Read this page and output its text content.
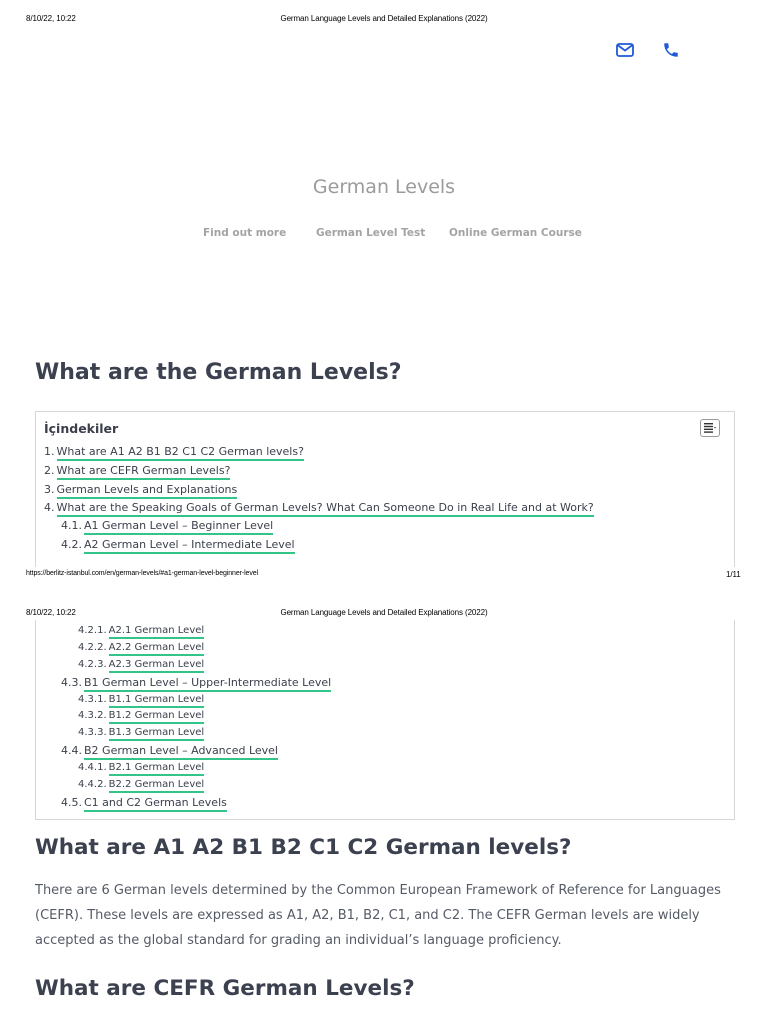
8/10/22, 10:22	German Language Levels and Detailed Explanations (2022)
German Levels
Find out more	German Level Test Online German Course
What are the German Levels?
İçindekiler
1. What are A1 A2 B1 B2 C1 C2 German levels?
2. What are CEFR German Levels?
3. German Levels and Explanations
4. What are the Speaking Goals of German Levels? What Can Someone Do in Real Life and at Work?
4.1. A1 German Level – Beginner Level
4.2. A2 German Level – Intermediate Level
https://berlitz-istanbul.com/en/german-levels/#a1-german-level-beginner-level	1/11
8/10/22, 10:22	German Language Levels and Detailed Explanations (2022)
4.2.1. A2.1 German Level
4.2.2. A2.2 German Level
4.2.3. A2.3 German Level
4.3. B1 German Level – Upper-Intermediate Level
4.3.1. B1.1 German Level
4.3.2. B1.2 German Level
4.3.3. B1.3 German Level
4.4. B2 German Level – Advanced Level
4.4.1. B2.1 German Level
4.4.2. B2.2 German Level
4.5. C1 and C2 German Levels
What are A1 A2 B1 B2 C1 C2 German levels?

There are 6 German levels determined by the Common European Framework of Reference for Languages (CEFR). These levels are expressed as A1, A2, B1, B2, C1, and C2. The CEFR German levels are widely accepted as the global standard for grading an individual’s language proficiency.

What are CEFR German Levels?
